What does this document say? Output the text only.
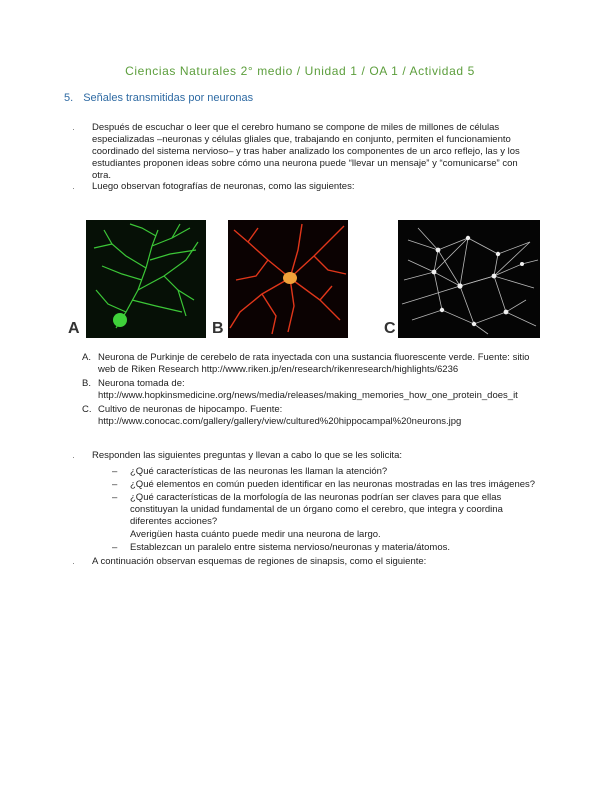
Ciencias Naturales 2° medio / Unidad 1 / OA 1 / Actividad 5
5. Señales transmitidas por neuronas
·	Después de escuchar o leer que el cerebro humano se compone de miles de millones de células especializadas –neuronas y células gliales que, trabajando en conjunto, permiten el funcionamiento coordinado del sistema nervioso– y tras haber analizado los componentes de un arco reflejo, las y los estudiantes proponen ideas sobre cómo una neurona puede “llevar un mensaje” y “comunicarse” con otra.
·	Luego observan fotografías de neuronas, como las siguientes:
A	B	C
A. Neurona de Purkinje de cerebelo de rata inyectada con una sustancia fluorescente verde. Fuente: sitio web de Riken Research http://www.riken.jp/en/research/rikenresearch/highlights/6236
B. Neurona tomada de: http://www.hopkinsmedicine.org/news/media/releases/making_memories_how_one_protein_does_it
C. Cultivo de neuronas de hipocampo. Fuente: http://www.conocac.com/gallery/gallery/view/cultured%20hippocampal%20neurons.jpg
·	Responden las siguientes preguntas y llevan a cabo lo que se les solicita:
–	¿Qué características de las neuronas les llaman la atención?
–	¿Qué elementos en común pueden identificar en las neuronas mostradas en las tres imágenes?
–	¿Qué características de la morfología de las neuronas podrían ser claves para que ellas constituyan la unidad fundamental de un órgano como el cerebro, que integra y coordina diferentes acciones?
Averigüen hasta cuánto puede medir una neurona de largo.
–	Establezcan un paralelo entre sistema nervioso/neuronas y materia/átomos.
·	A continuación observan esquemas de regiones de sinapsis, como el siguiente:
